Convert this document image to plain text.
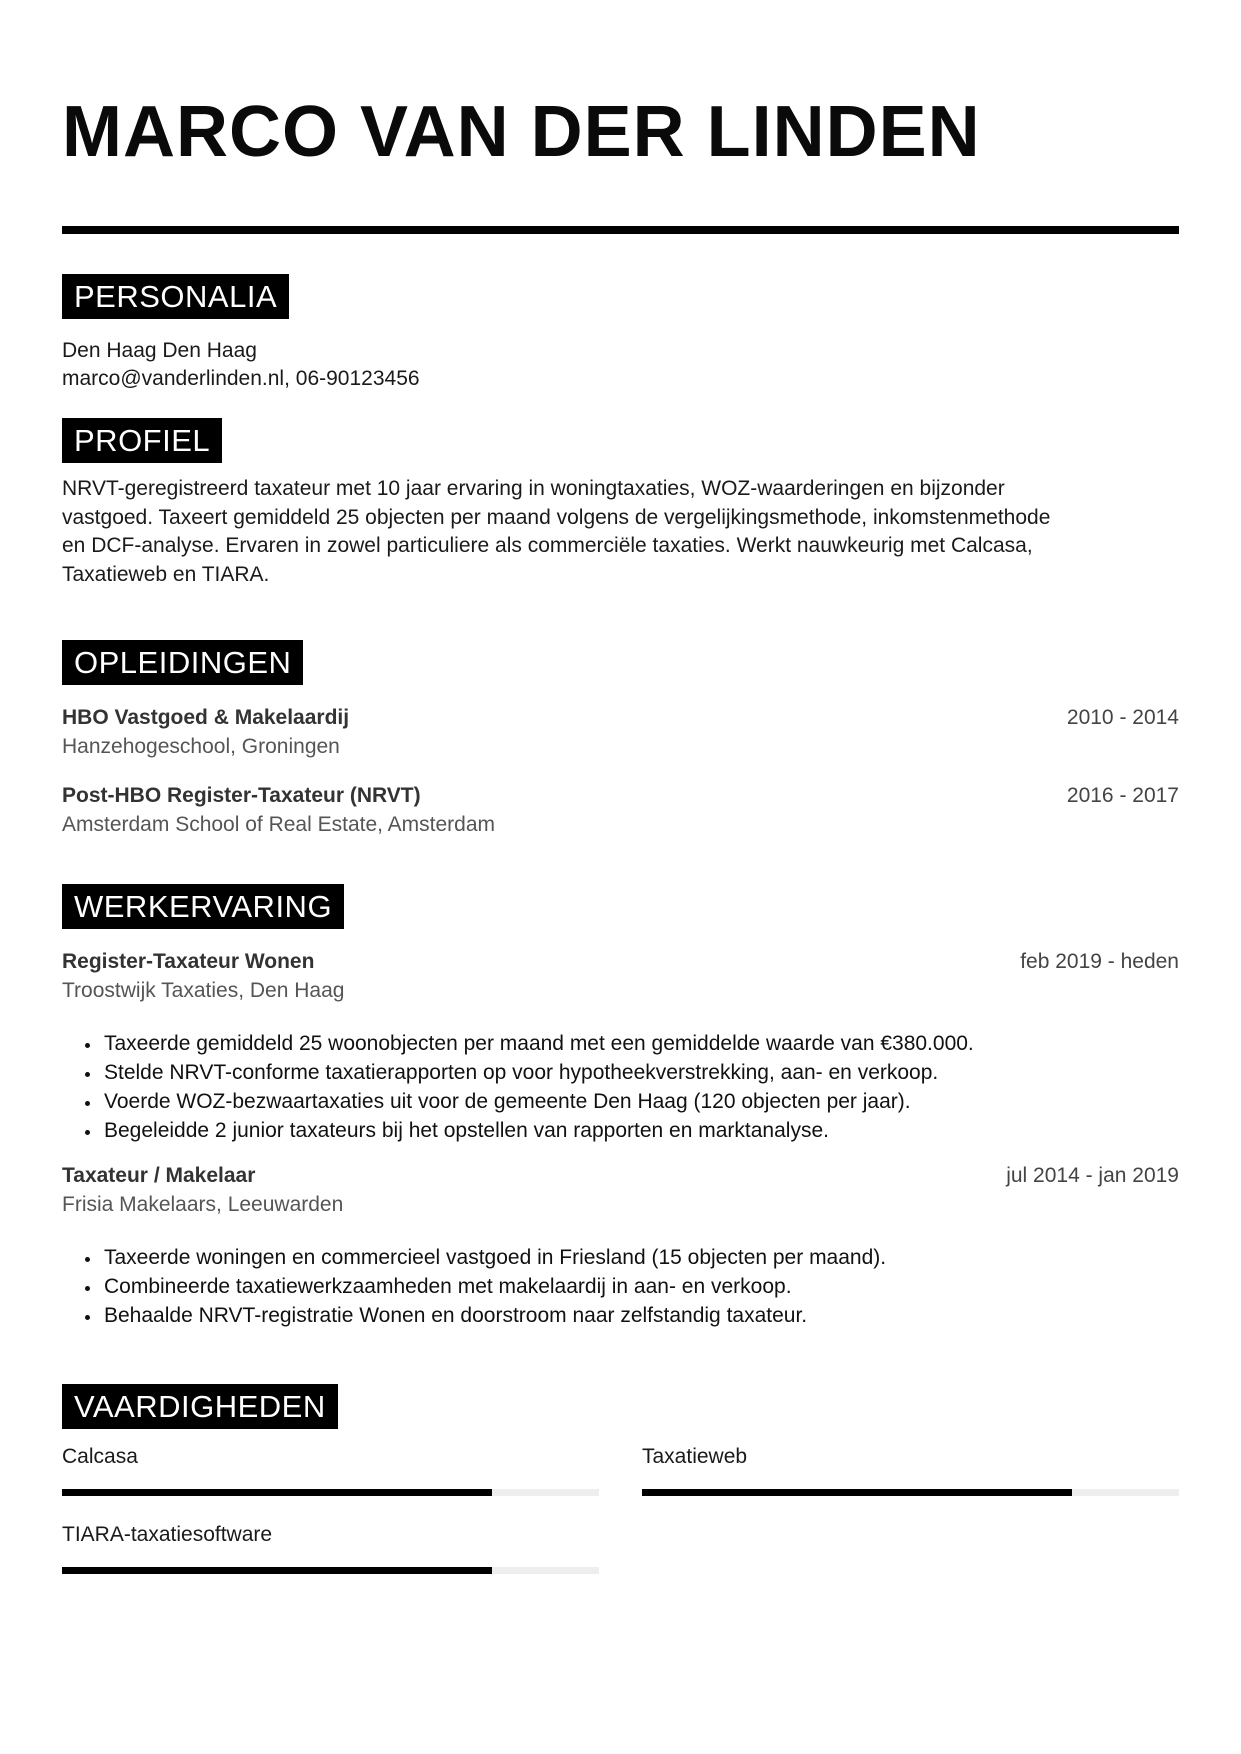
MARCO VAN DER LINDEN
PERSONALIA
Den Haag Den Haag
marco@vanderlinden.nl, 06-90123456
PROFIEL
NRVT-geregistreerd taxateur met 10 jaar ervaring in woningtaxaties, WOZ-waarderingen en bijzonder
vastgoed. Taxeert gemiddeld 25 objecten per maand volgens de vergelijkingsmethode, inkomstenmethode
en DCF-analyse. Ervaren in zowel particuliere als commerciële taxaties. Werkt nauwkeurig met Calcasa,
Taxatieweb en TIARA.
OPLEIDINGEN
HBO Vastgoed & Makelaardij	2010 - 2014
Hanzehogeschool, Groningen
Post-HBO Register-Taxateur (NRVT)	2016 - 2017
Amsterdam School of Real Estate, Amsterdam
WERKERVARING
Register-Taxateur Wonen	feb 2019 - heden
Troostwijk Taxaties, Den Haag
• Taxeerde gemiddeld 25 woonobjecten per maand met een gemiddelde waarde van €380.000.
• Stelde NRVT-conforme taxatierapporten op voor hypotheekverstrekking, aan- en verkoop.
• Voerde WOZ-bezwaartaxaties uit voor de gemeente Den Haag (120 objecten per jaar).
• Begeleidde 2 junior taxateurs bij het opstellen van rapporten en marktanalyse.
Taxateur / Makelaar	jul 2014 - jan 2019
Frisia Makelaars, Leeuwarden
• Taxeerde woningen en commercieel vastgoed in Friesland (15 objecten per maand).
• Combineerde taxatiewerkzaamheden met makelaardij in aan- en verkoop.
• Behaalde NRVT-registratie Wonen en doorstroom naar zelfstandig taxateur.
VAARDIGHEDEN
Calcasa	Taxatieweb
TIARA-taxatiesoftware
